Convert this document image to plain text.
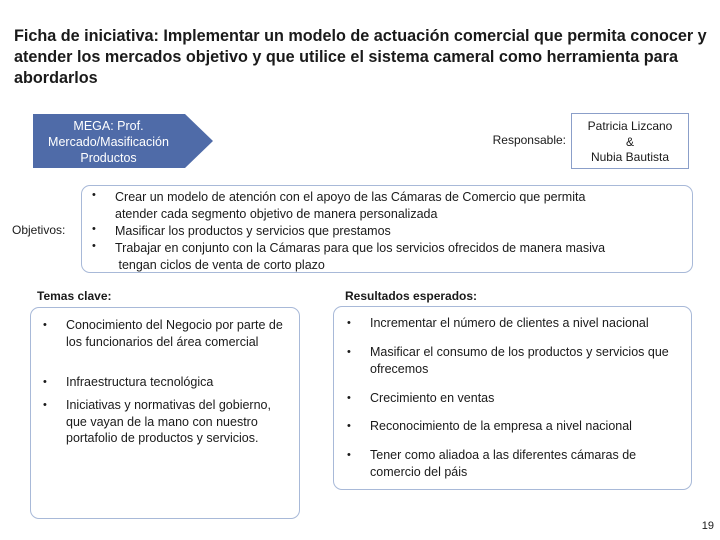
Ficha de iniciativa: Implementar un modelo de actuación comercial que permita conocer y atender los mercados objetivo y que utilice el sistema cameral como herramienta para abordarlos
MEGA: Prof.
Mercado/Masificación
Productos
Responsable:
Patricia Lizcano
&
Nubia Bautista
Objetivos:
• Crear un modelo de atención con el apoyo de las Cámaras de Comercio que permita
atender cada segmento objetivo de manera personalizada
• Masificar los productos y servicios que prestamos
• Trabajar en conjunto con la Cámaras para que los servicios ofrecidos de manera masiva
tengan ciclos de venta de corto plazo
Temas clave:	Resultados esperados:
• Conocimiento del Negocio por parte de los funcionarios del área comercial
• Infraestructura tecnológica
• Iniciativas y normativas del gobierno, que vayan de la mano con nuestro portafolio de productos y servicios.
• Incrementar el número de clientes a nivel nacional
• Masificar el consumo de los productos y servicios que ofrecemos
• Crecimiento en ventas
• Reconocimiento de la empresa a nivel nacional
• Tener como aliadoa a las diferentes cámaras de comercio del páis
19
